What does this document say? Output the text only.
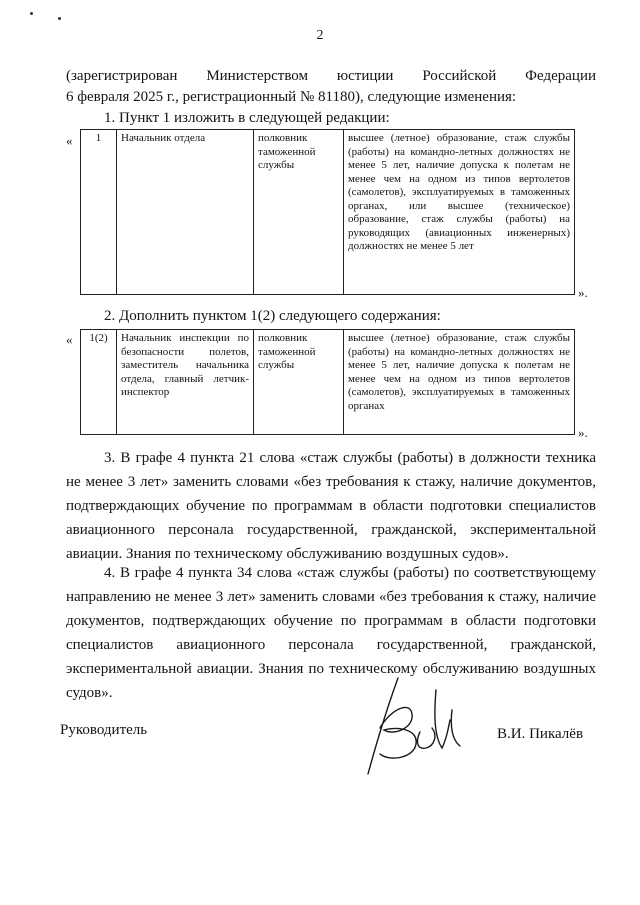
2
(зарегистрирован Министерством юстиции Российской Федерации
6 февраля 2025 г., регистрационный № 81180), следующие изменения:
1. Пункт 1 изложить в следующей редакции:
« 1	Начальник отдела	полковник таможенной службы	высшее (летное) образование, стаж службы (работы) на командно-летных должностях не менее 5 лет, наличие допуска к полетам не менее чем на одном из типов вертолетов (самолетов), эксплуатируемых в таможенных органах, или высшее (техническое) образование, стаж службы (работы) на руководящих (авиационных инженерных) должностях не менее 5 лет
».
2. Дополнить пунктом 1(2) следующего содержания:
« 1(2)	Начальник инспекции по безопасности полетов, заместитель начальника отдела, главный летчик-инспектор	полковник таможенной службы	высшее (летное) образование, стаж службы (работы) на командно-летных должностях не менее 5 лет, наличие допуска к полетам не менее чем на одном из типов вертолетов (самолетов), эксплуатируемых в таможенных органах
».
3. В графе 4 пункта 21 слова «стаж службы (работы) в должности техника
не менее 3 лет» заменить словами «без требования к стажу, наличие документов,
подтверждающих обучение по программам в области подготовки специалистов
авиационного персонала государственной, гражданской, экспериментальной
авиации. Знания по техническому обслуживанию воздушных судов».
4. В графе 4 пункта 34 слова «стаж службы (работы) по соответствующему
направлению не менее 3 лет» заменить словами «без требования к стажу, наличие
документов, подтверждающих обучение по программам в области подготовки
специалистов авиационного персонала государственной, гражданской,
экспериментальной авиации. Знания по техническому обслуживанию воздушных
судов».
Руководитель	В.И. Пикалёв
